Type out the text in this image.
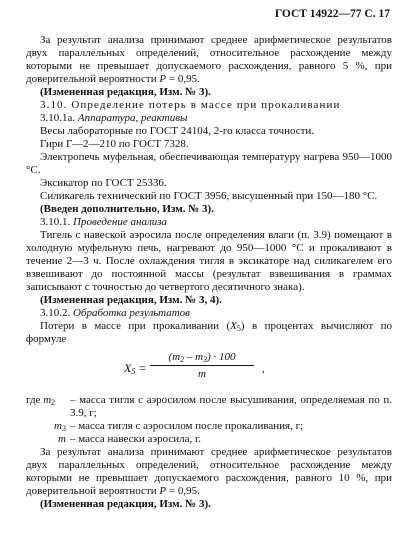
ГОСТ 14922—77 С. 17

За результат анализа принимают среднее арифметическое результатов двух параллельных определений, относительное расхождение между которыми не превышает допускаемого расхождения, равного 5 %, при доверительной вероятности P = 0,95.

(Измененная редакция, Изм. № 3).

3.10. Определение потерь в массе при прокаливании

3.10.1а. Аппаратура, реактивы

Весы лабораторные по ГОСТ 24104, 2-го класса точности.

Гири Г—2—210 по ГОСТ 7328.

Электропечь муфельная, обеспечивающая температуру нагрева 950—1000 °С.

Эксикатор по ГОСТ 25336.

Силикагель технический по ГОСТ 3956, высушенный при 150—180 °С.

(Введен дополнительно, Изм. № 3).

3.10.1. Проведение анализа

Тигель с навеской аэросила после определения влаги (п. 3.9) помещают в холодную муфельную печь, нагревают до 950—1000 °С и прокаливают в течение 2—3 ч. После охлаждения тигля в эксикаторе над силикагелем его взвешивают до постоянной массы (результат взвешивания в граммах записывают с точностью до четвертого десятичного знака).

(Измененная редакция, Изм. № 3, 4).

3.10.2. Обработка результатов

Потери в массе при прокаливании $(X_5)$ в процентах вычисляют по формуле

$X_5 = \frac{(m_2 - m_3) \cdot 100}{m}$ ,
где $m_2$	– масса тигля с аэросилом после высушивания, определяемая по п. 3.9, г;
$m_3$ – масса тигля с аэросилом после прокаливания, г;
m – масса навески аэросила, г.

За результат анализа принимают среднее арифметическое результатов двух параллельных определений, относительное расхождение между которыми не превышает допускаемого расхождения, равного 10 %, при доверительной вероятности P = 0,95.

(Измененная редакция, Изм. № 3).
